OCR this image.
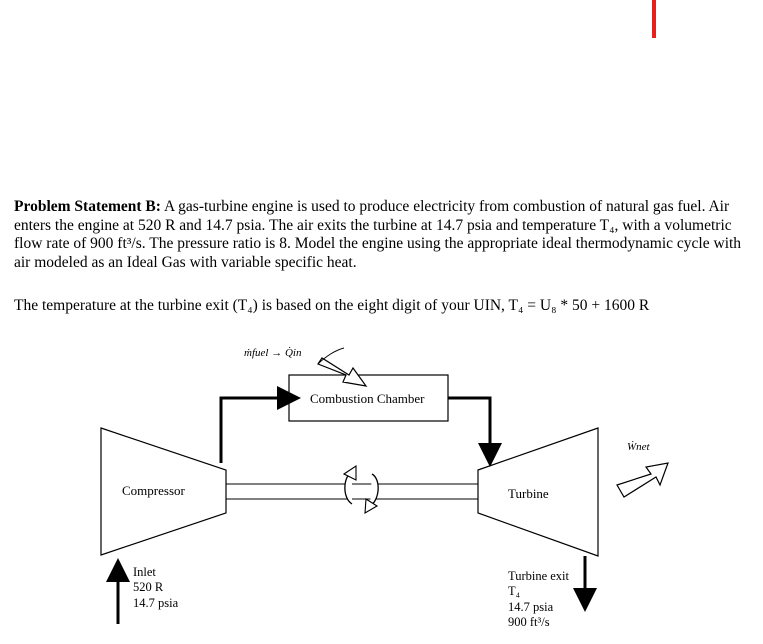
Problem Statement B: A gas-turbine engine is used to produce electricity from combustion of natural gas fuel. Air enters the engine at 520 R and 14.7 psia. The air exits the turbine at 14.7 psia and temperature T₄, with a volumetric flow rate of 900 ft³/s. The pressure ratio is 8. Model the engine using the appropriate ideal thermodynamic cycle with air modeled as an Ideal Gas with variable specific heat.
The temperature at the turbine exit (T₄) is based on the eight digit of your UIN, T₄ = U₈ * 50 + 1600 R
Compressor	Turbine
Combustion Chamber
ṁfuel → Q̇in
Ẇnet
Inlet
520 R
14.7 psia
Turbine exit
T₄
14.7 psia
900 ft³/s
